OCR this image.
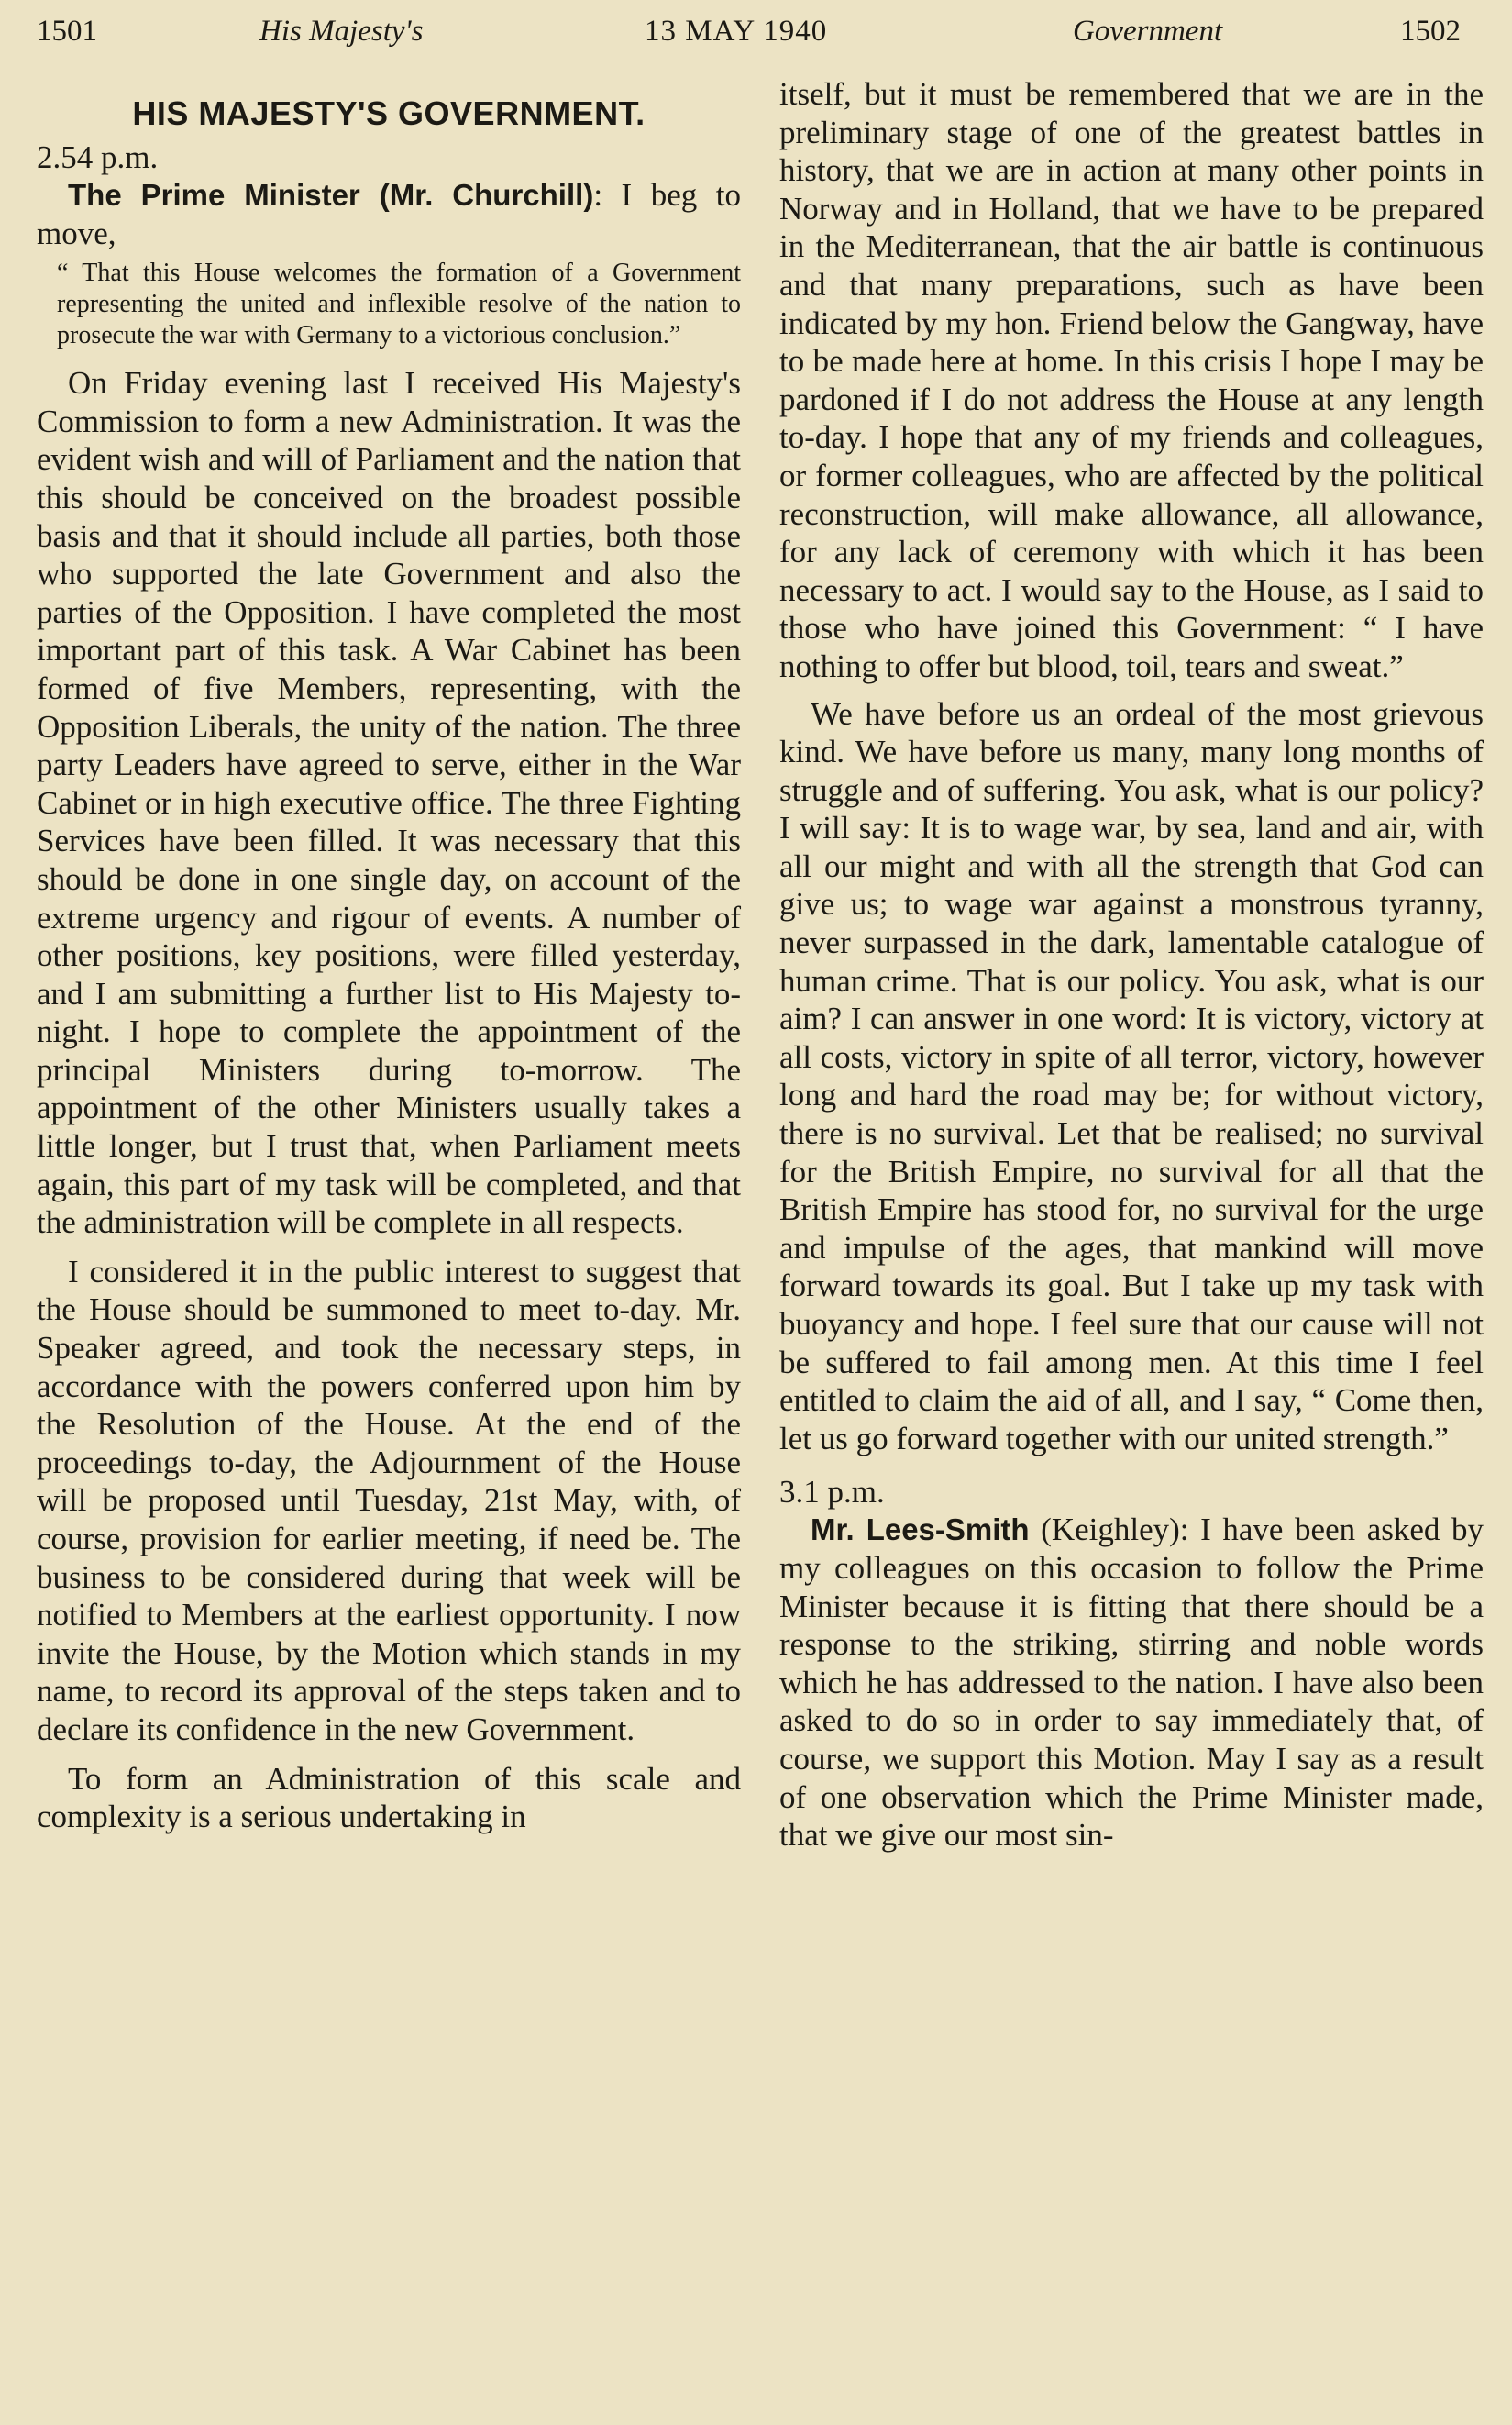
1501	His Majesty's	13 MAY 1940	Government	1502
HIS MAJESTY'S GOVERNMENT.

2.54 p.m.

The Prime Minister (Mr. Churchill): I beg to move,

“ That this House welcomes the formation of a Government representing the united and inflexible resolve of the nation to prosecute the war with Germany to a victorious conclusion.”

On Friday evening last I received His Majesty's Commission to form a new Administration. It was the evident wish and will of Parliament and the nation that this should be conceived on the broadest possible basis and that it should include all parties, both those who supported the late Government and also the parties of the Opposition. I have completed the most important part of this task. A War Cabinet has been formed of five Members, representing, with the Opposition Liberals, the unity of the nation. The three party Leaders have agreed to serve, either in the War Cabinet or in high executive office. The three Fighting Services have been filled. It was necessary that this should be done in one single day, on account of the extreme urgency and rigour of events. A number of other positions, key positions, were filled yesterday, and I am submitting a further list to His Majesty to-night. I hope to complete the appointment of the principal Ministers during to-morrow. The appointment of the other Ministers usually takes a little longer, but I trust that, when Parliament meets again, this part of my task will be completed, and that the administration will be complete in all respects.

I considered it in the public interest to suggest that the House should be summoned to meet to-day. Mr. Speaker agreed, and took the necessary steps, in accordance with the powers conferred upon him by the Resolution of the House. At the end of the proceedings to-day, the Adjournment of the House will be proposed until Tuesday, 21st May, with, of course, provision for earlier meeting, if need be. The business to be considered during that week will be notified to Members at the earliest opportunity. I now invite the House, by the Motion which stands in my name, to record its approval of the steps taken and to declare its confidence in the new Government.

To form an Administration of this scale and complexity is a serious undertaking in

itself, but it must be remembered that we are in the preliminary stage of one of the greatest battles in history, that we are in action at many other points in Norway and in Holland, that we have to be prepared in the Mediterranean, that the air battle is continuous and that many preparations, such as have been indicated by my hon. Friend below the Gangway, have to be made here at home. In this crisis I hope I may be pardoned if I do not address the House at any length to-day. I hope that any of my friends and colleagues, or former colleagues, who are affected by the political reconstruction, will make allowance, all allowance, for any lack of ceremony with which it has been necessary to act. I would say to the House, as I said to those who have joined this Government: “ I have nothing to offer but blood, toil, tears and sweat.”

We have before us an ordeal of the most grievous kind. We have before us many, many long months of struggle and of suffering. You ask, what is our policy? I will say: It is to wage war, by sea, land and air, with all our might and with all the strength that God can give us; to wage war against a monstrous tyranny, never surpassed in the dark, lamentable catalogue of human crime. That is our policy. You ask, what is our aim? I can answer in one word: It is victory, victory at all costs, victory in spite of all terror, victory, however long and hard the road may be; for without victory, there is no survival. Let that be realised; no survival for the British Empire, no survival for all that the British Empire has stood for, no survival for the urge and impulse of the ages, that mankind will move forward towards its goal. But I take up my task with buoyancy and hope. I feel sure that our cause will not be suffered to fail among men. At this time I feel entitled to claim the aid of all, and I say, “ Come then, let us go forward together with our united strength.”

3.1 p.m.

Mr. Lees-Smith (Keighley): I have been asked by my colleagues on this occasion to follow the Prime Minister because it is fitting that there should be a response to the striking, stirring and noble words which he has addressed to the nation. I have also been asked to do so in order to say immediately that, of course, we support this Motion. May I say as a result of one observation which the Prime Minister made, that we give our most sin-
